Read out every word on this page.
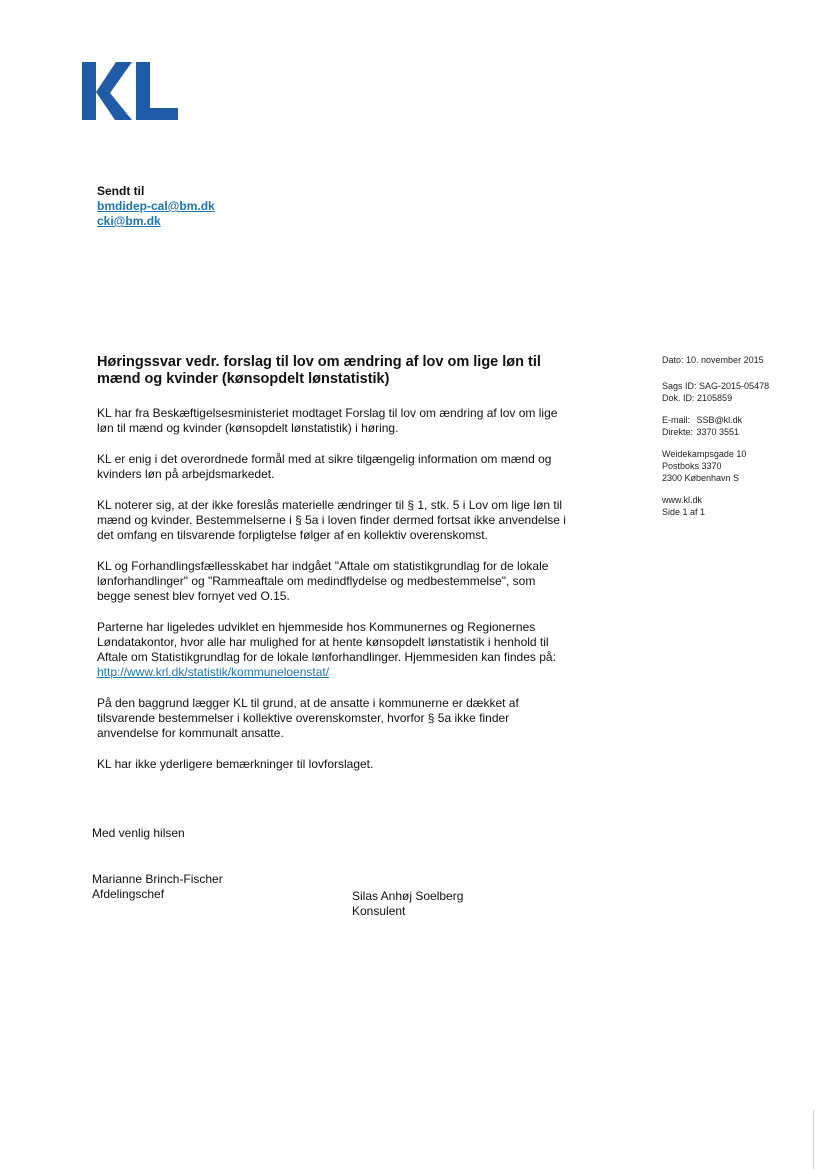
Sendt til
bmdidep-cal@bm.dk
cki@bm.dk
Høringssvar vedr. forslag til lov om ændring af lov om lige løn til
mænd og kvinder (kønsopdelt lønstatistik)

KL har fra Beskæftigelsesministeriet modtaget Forslag til lov om ændring af lov om lige løn til mænd og kvinder (kønsopdelt lønstatistik) i høring.

KL er enig i det overordnede formål med at sikre tilgængelig information om mænd og kvinders løn på arbejdsmarkedet.

KL noterer sig, at der ikke foreslås materielle ændringer til § 1, stk. 5 i Lov om lige løn til mænd og kvinder. Bestemmelserne i § 5a i loven finder dermed fortsat ikke anvendelse i det omfang en tilsvarende forpligtelse følger af en kollektiv overenskomst.

KL og Forhandlingsfællesskabet har indgået "Aftale om statistikgrundlag for de lokale lønforhandlinger" og "Rammeaftale om medindflydelse og medbestemmelse", som begge senest blev fornyet ved O.15.

Parterne har ligeledes udviklet en hjemmeside hos Kommunernes og Regionernes Løndatakontor, hvor alle har mulighed for at hente kønsopdelt lønstatistik i henhold til Aftale om Statistikgrundlag for de lokale lønforhandlinger. Hjemmesiden kan findes på: http://www.krl.dk/statistik/kommuneloenstat/

På den baggrund lægger KL til grund, at de ansatte i kommunerne er dækket af tilsvarende bestemmelser i kollektive overenskomster, hvorfor § 5a ikke finder anvendelse for kommunalt ansatte.

KL har ikke yderligere bemærkninger til lovforslaget.

Med venlig hilsen
Marianne Brinch-Fischer
Afdelingschef	Silas Anhøj Soelberg
Konsulent
Dato: 10. november 2015
Sags ID: SAG-2015-05478
Dok. ID: 2105859
E-mail: SSB@kl.dk
Direkte: 3370 3551
Weidekampsgade 10
Postboks 3370
2300 København S
www.kl.dk
Side 1 af 1
